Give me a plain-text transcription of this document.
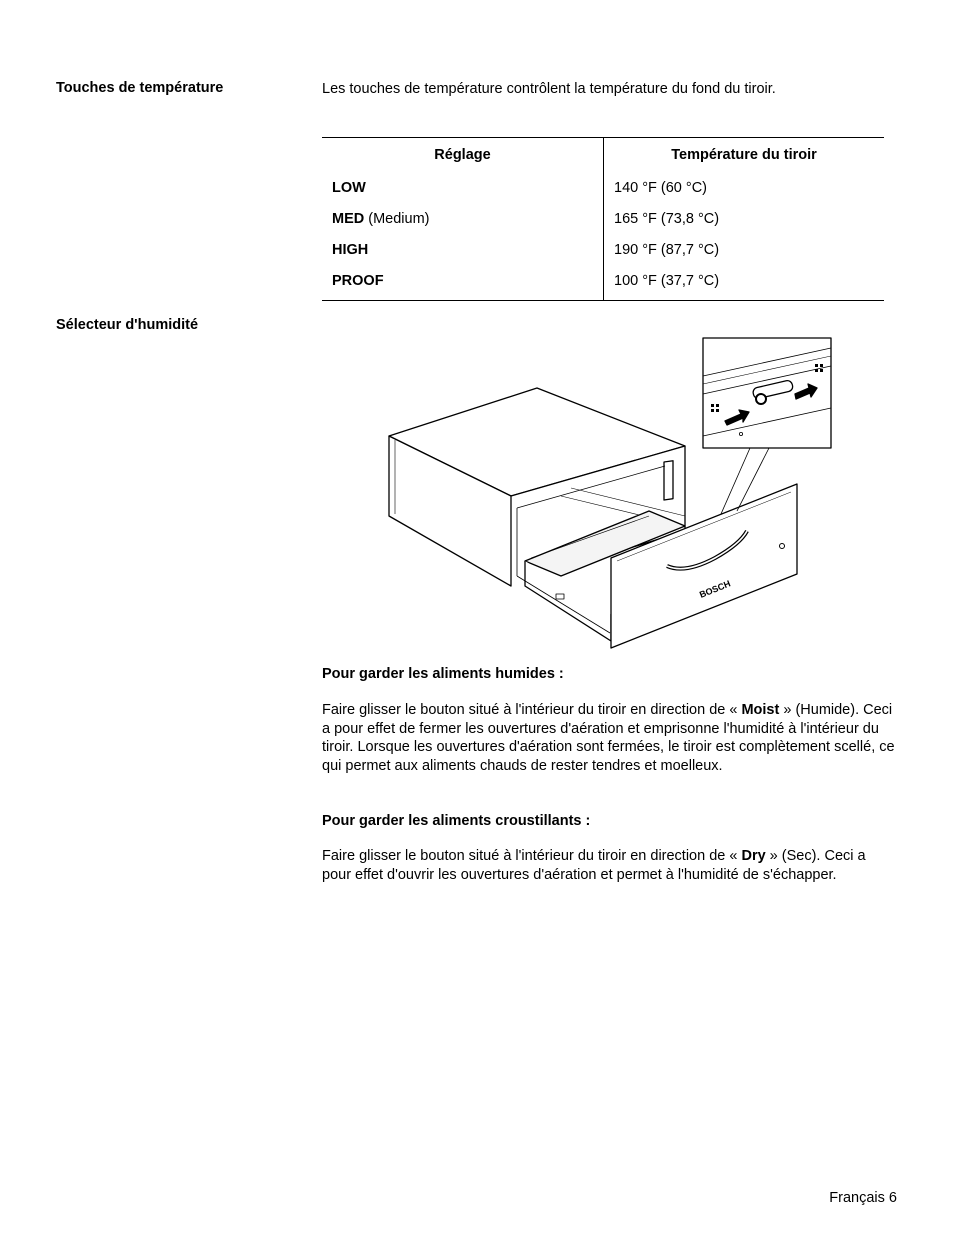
Touches de température	Les touches de température contrôlent la température du fond du tiroir.
Réglage	Température du tiroir
LOW	140 °F (60 °C)
MED (Medium)	165 °F (73,8 °C)
HIGH	190 °F (87,7 °C)
PROOF	100 °F (37,7 °C)
Sélecteur d'humidité
BOSCH
Pour garder les aliments humides :
Faire glisser le bouton situé à l'intérieur du tiroir en direction de « Moist » (Humide). Ceci a pour effet de fermer les ouvertures d'aération et emprisonne l'humidité à l'intérieur du tiroir. Lorsque les ouvertures d'aération sont fermées, le tiroir est complètement scellé, ce qui permet aux aliments chauds de rester tendres et moelleux.
Pour garder les aliments croustillants :
Faire glisser le bouton situé à l'intérieur du tiroir en direction de « Dry » (Sec). Ceci a pour effet d'ouvrir les ouvertures d'aération et permet à l'humidité de s'échapper.
Français 6
